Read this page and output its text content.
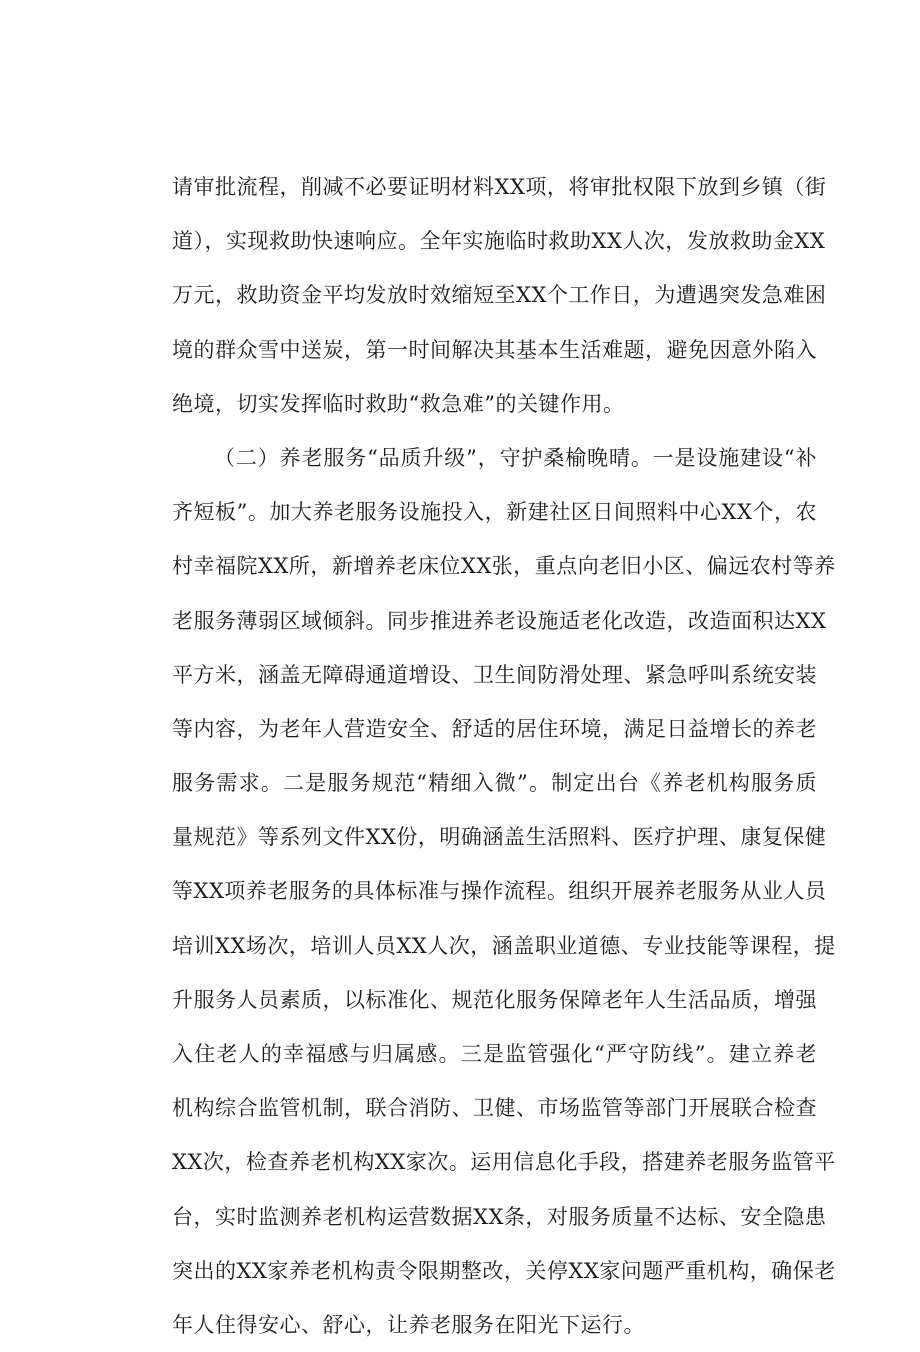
请审批流程，削减不必要证明材料XX项，将审批权限下放到乡镇（街
道），实现救助快速响应。全年实施临时救助XX人次，发放救助金XX
万元，救助资金平均发放时效缩短至XX个工作日，为遭遇突发急难困
境的群众雪中送炭，第一时间解决其基本生活难题，避免因意外陷入
绝境，切实发挥临时救助“救急难”的关键作用。
（二）养老服务“品质升级”，守护桑榆晚晴。一是设施建设“补
齐短板”。加大养老服务设施投入，新建社区日间照料中心XX个，农
村幸福院XX所，新增养老床位XX张，重点向老旧小区、偏远农村等养
老服务薄弱区域倾斜。同步推进养老设施适老化改造，改造面积达XX
平方米，涵盖无障碍通道增设、卫生间防滑处理、紧急呼叫系统安装
等内容，为老年人营造安全、舒适的居住环境，满足日益增长的养老
服务需求。二是服务规范“精细入微”。制定出台《养老机构服务质
量规范》等系列文件XX份，明确涵盖生活照料、医疗护理、康复保健
等XX项养老服务的具体标准与操作流程。组织开展养老服务从业人员
培训XX场次，培训人员XX人次，涵盖职业道德、专业技能等课程，提
升服务人员素质，以标准化、规范化服务保障老年人生活品质，增强
入住老人的幸福感与归属感。三是监管强化“严守防线”。建立养老
机构综合监管机制，联合消防、卫健、市场监管等部门开展联合检查
XX次，检查养老机构XX家次。运用信息化手段，搭建养老服务监管平
台，实时监测养老机构运营数据XX条，对服务质量不达标、安全隐患
突出的XX家养老机构责令限期整改，关停XX家问题严重机构，确保老
年人住得安心、舒心，让养老服务在阳光下运行。
